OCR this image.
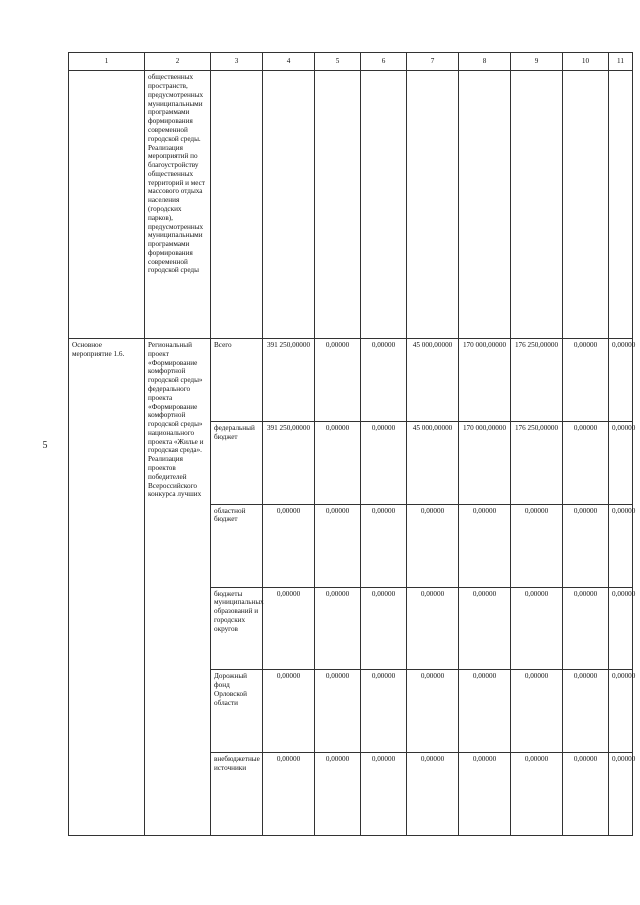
5
1	2	3	4	5	6	7	8	9	10	11
	общественных пространств, предусмотренных муниципальными программами формирования современной городской среды. Реализация мероприятий по благоустройству общественных территорий и мест массового отдыха населения (городских парков), предусмотренных муниципальными программами формирования современной городской среды									
Основное мероприятие 1.6.	Региональный проект «Формирование комфортной городской среды» федерального проекта «Формирование комфортной городской среды» национального проекта «Жилье и городская среда». Реализация проектов победителей Всероссийского конкурса лучших	Всего	391 250,00000	0,00000	0,00000	45 000,00000	170 000,00000	176 250,00000	0,00000	0,00000
		федеральный бюджет	391 250,00000	0,00000	0,00000	45 000,00000	170 000,00000	176 250,00000	0,00000	0,00000
		областной бюджет	0,00000	0,00000	0,00000	0,00000	0,00000	0,00000	0,00000	0,00000
		бюджеты муниципальных образований и городских округов	0,00000	0,00000	0,00000	0,00000	0,00000	0,00000	0,00000	0,00000
		Дорожный фонд Орловской области	0,00000	0,00000	0,00000	0,00000	0,00000	0,00000	0,00000	0,00000
		внебюджетные источники	0,00000	0,00000	0,00000	0,00000	0,00000	0,00000	0,00000	0,00000
